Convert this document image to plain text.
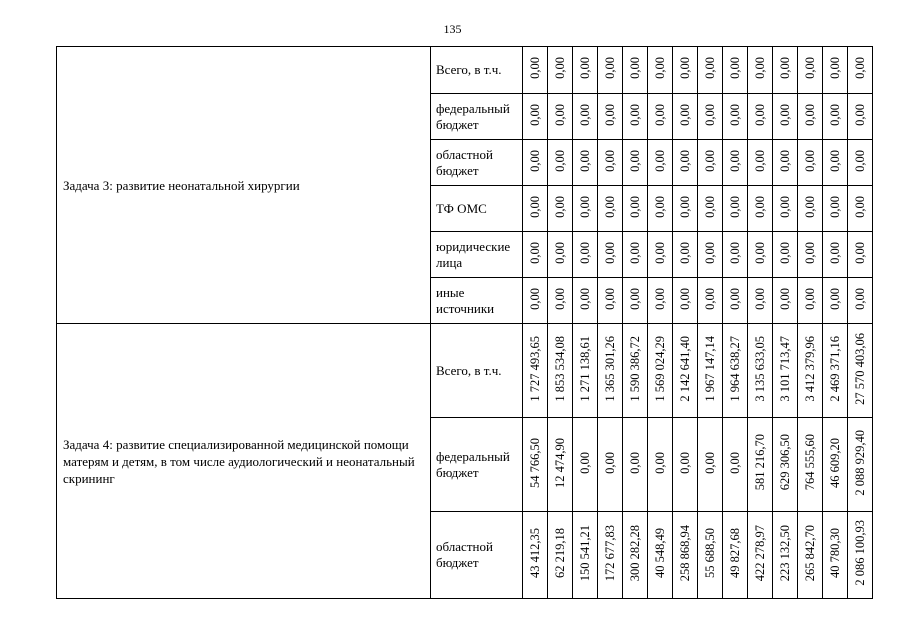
135
Задача 3: развитие неонатальной хирургии	Всего, в т.ч.	0,00	0,00	0,00	0,00	0,00	0,00	0,00	0,00	0,00	0,00	0,00	0,00	0,00	0,00
	федеральный бюджет	0,00	0,00	0,00	0,00	0,00	0,00	0,00	0,00	0,00	0,00	0,00	0,00	0,00	0,00
	областной бюджет	0,00	0,00	0,00	0,00	0,00	0,00	0,00	0,00	0,00	0,00	0,00	0,00	0,00	0,00
	ТФ ОМС	0,00	0,00	0,00	0,00	0,00	0,00	0,00	0,00	0,00	0,00	0,00	0,00	0,00	0,00
	юридические лица	0,00	0,00	0,00	0,00	0,00	0,00	0,00	0,00	0,00	0,00	0,00	0,00	0,00	0,00
	иные источники	0,00	0,00	0,00	0,00	0,00	0,00	0,00	0,00	0,00	0,00	0,00	0,00	0,00	0,00
Задача 4: развитие специализированной медицинской помощи матерям и детям, в том числе аудиологический и неонатальный скрининг	Всего, в т.ч.	1 727 493,65	1 853 534,08	1 271 138,61	1 365 301,26	1 590 386,72	1 569 024,29	2 142 641,40	1 967 147,14	1 964 638,27	3 135 633,05	3 101 713,47	3 412 379,96	2 469 371,16	27 570 403,06
	федеральный бюджет	54 766,50	12 474,90	0,00	0,00	0,00	0,00	0,00	0,00	0,00	581 216,70	629 306,50	764 555,60	46 609,20	2 088 929,40
	областной бюджет	43 412,35	62 219,18	150 541,21	172 677,83	300 282,28	40 548,49	258 868,94	55 688,50	49 827,68	422 278,97	223 132,50	265 842,70	40 780,30	2 086 100,93
